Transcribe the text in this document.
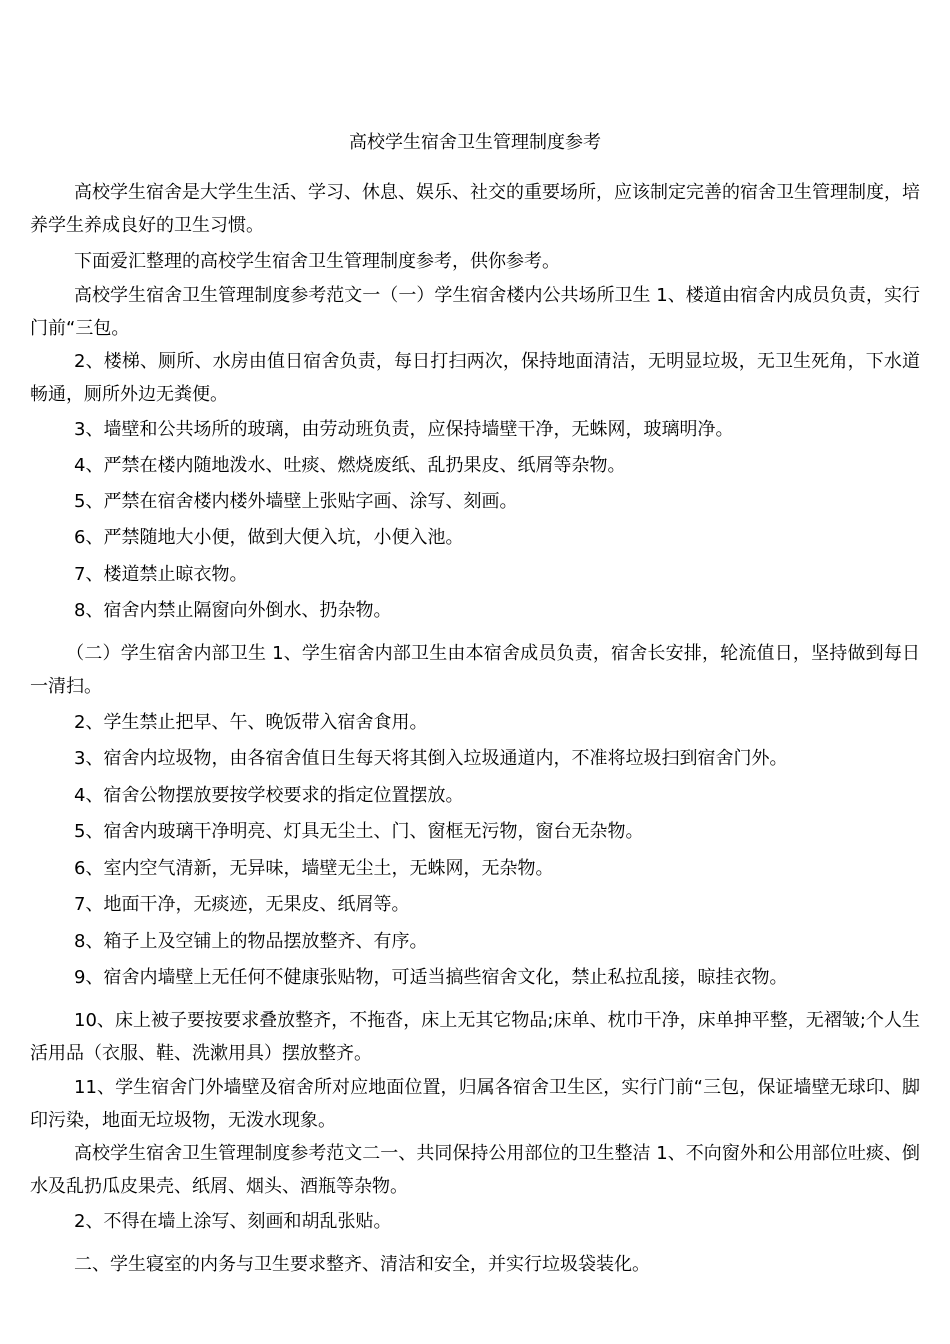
高校学生宿舍卫生管理制度参考

高校学生宿舍是大学生生活、学习、休息、娱乐、社交的重要场所，应该制定完善的宿舍卫生管理制度，培养学生养成良好的卫生习惯。

下面爱汇整理的高校学生宿舍卫生管理制度参考，供你参考。

高校学生宿舍卫生管理制度参考范文一（一）学生宿舍楼内公共场所卫生 1、楼道由宿舍内成员负责，实行门前“三包。

2、楼梯、厕所、水房由值日宿舍负责，每日打扫两次，保持地面清洁，无明显垃圾，无卫生死角，下水道畅通，厕所外边无粪便。

3、墙壁和公共场所的玻璃，由劳动班负责，应保持墙壁干净，无蛛网，玻璃明净。

4、严禁在楼内随地泼水、吐痰、燃烧废纸、乱扔果皮、纸屑等杂物。

5、严禁在宿舍楼内楼外墙壁上张贴字画、涂写、刻画。

6、严禁随地大小便，做到大便入坑，小便入池。

7、楼道禁止晾衣物。

8、宿舍内禁止隔窗向外倒水、扔杂物。

（二）学生宿舍内部卫生 1、学生宿舍内部卫生由本宿舍成员负责，宿舍长安排，轮流值日，坚持做到每日一清扫。

2、学生禁止把早、午、晚饭带入宿舍食用。

3、宿舍内垃圾物，由各宿舍值日生每天将其倒入垃圾通道内，不准将垃圾扫到宿舍门外。

4、宿舍公物摆放要按学校要求的指定位置摆放。

5、宿舍内玻璃干净明亮、灯具无尘土、门、窗框无污物，窗台无杂物。

6、室内空气清新，无异味，墙壁无尘土，无蛛网，无杂物。

7、地面干净，无痰迹，无果皮、纸屑等。

8、箱子上及空铺上的物品摆放整齐、有序。

9、宿舍内墙壁上无任何不健康张贴物，可适当搞些宿舍文化，禁止私拉乱接，晾挂衣物。

10、床上被子要按要求叠放整齐，不拖沓，床上无其它物品;床单、枕巾干净，床单抻平整，无褶皱;个人生活用品（衣服、鞋、洗漱用具）摆放整齐。

11、学生宿舍门外墙壁及宿舍所对应地面位置，归属各宿舍卫生区，实行门前“三包，保证墙壁无球印、脚印污染，地面无垃圾物，无泼水现象。

高校学生宿舍卫生管理制度参考范文二一、共同保持公用部位的卫生整洁 1、不向窗外和公用部位吐痰、倒水及乱扔瓜皮果壳、纸屑、烟头、酒瓶等杂物。

2、不得在墙上涂写、刻画和胡乱张贴。

二、学生寝室的内务与卫生要求整齐、清洁和安全，并实行垃圾袋装化。
